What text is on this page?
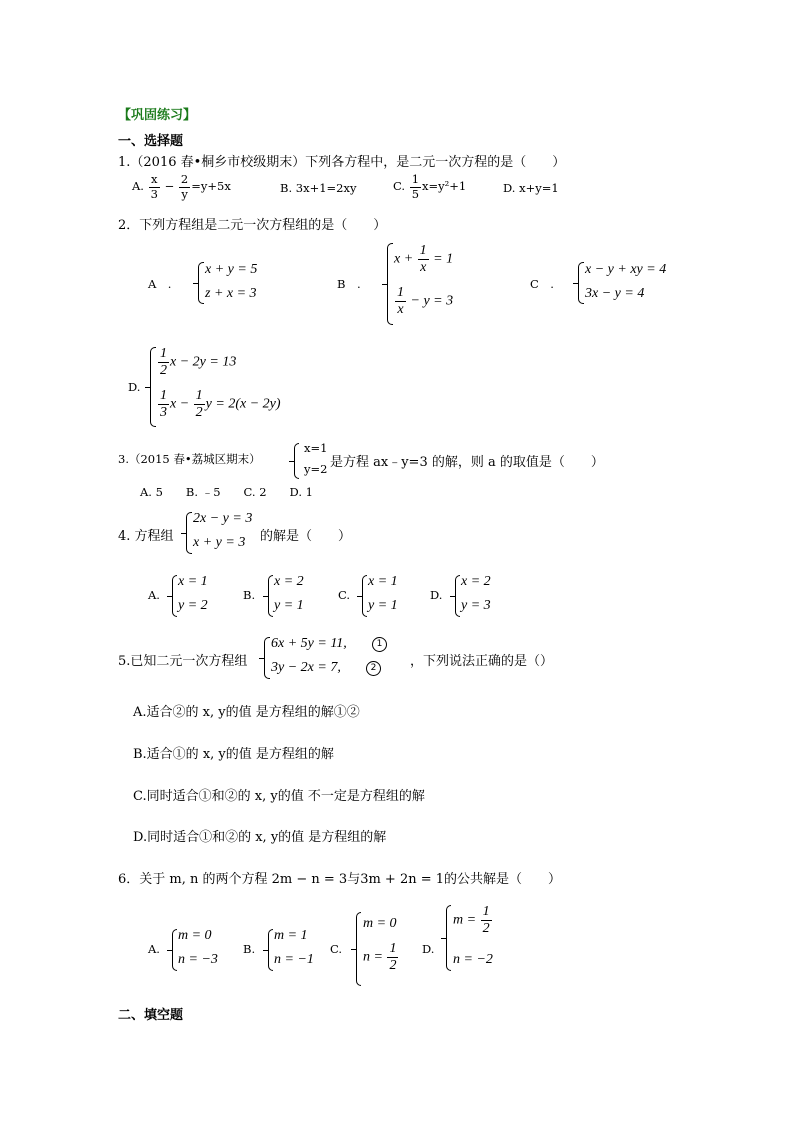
【巩固练习】
一、选择题
1.（2016 春•桐乡市校级期末）下列各方程中，是二元一次方程的是（　　）
A. $\frac{x}{3} - \frac{2}{y} =y+5x$	B. 3x+1=2xy	C. $\frac{1}{5} x=y^2+1$	D. x+y=1
2．下列方程组是二元一次方程组的是（　　）
A　.
x + y = 5
z + x = 3
B　.
$x + \frac{1}{x} = 1$
$\frac{1}{x} - y = 3$
C　.
x − y + xy = 4
3x − y = 4
D.
$\frac{1}{2}$ x − 2y = 13
$\frac{1}{3}$ $x - \frac{1}{2}$ y = 2(x − 2y)
3.（2015 春•荔城区期末）
x=1
y=2 是方程 ax﹣y=3 的解，则 a 的取值是（　　）
A. 5　　B. ﹣5　　C. 2　　D. 1
4. 方程组
2x − y = 3
x + y = 3 的解是（　　）
A.
x = 1
y = 2
B.
x = 2
y = 1
C.
x = 1
y = 1
D.
x = 2
y = 3
5.已知二元一次方程组
6x + 5y = 11,
3y − 2x = 7,
1
2	，下列说法正确的是（）
A.适合②的 x, y的值 是方程组的解①②
B.适合①的 x, y的值 是方程组的解
C.同时适合①和②的 x, y的值 不一定是方程组的解
D.同时适合①和②的 x, y的值 是方程组的解
6．关于 m, n 的两个方程 2m − n = 3与3m + 2n = 1的公共解是（　　）
A.
m = 0
n = −3
B.
m = 1
n = −1
C.
m = 0
$n = \frac{1}{2} D$.
$m = \frac{1}{2}$
n = −2
二、填空题
